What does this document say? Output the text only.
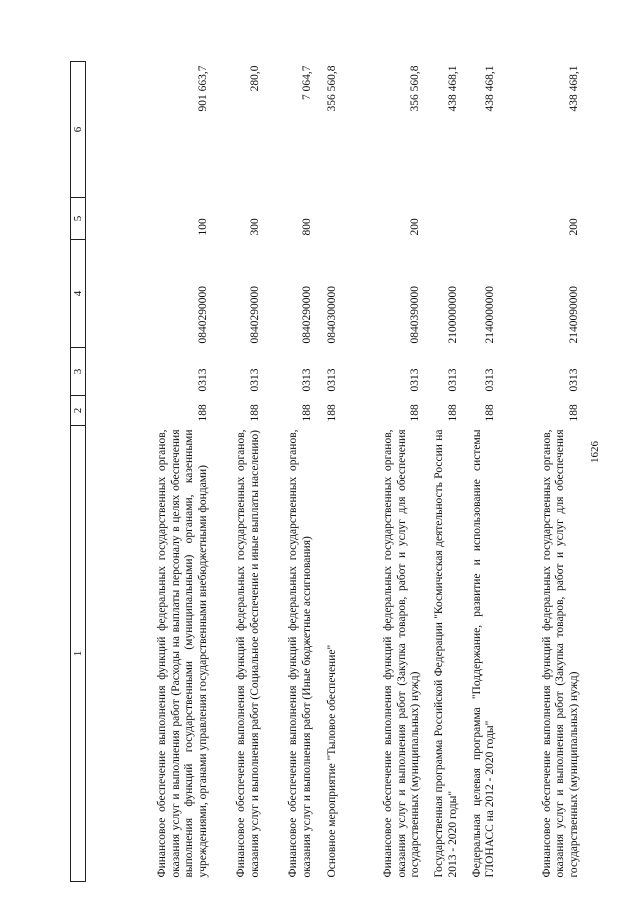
1626
1	2	3	4	5	6
Финансовое обеспечение выполнения функций федеральных государственных органов, оказания услуг и выполнения работ (Расходы на выплаты персоналу в целях обеспечения выполнения функций государственными (муниципальными) органами, казенными учреждениями, органами управления государственными внебюджетными фондами)	188	0313	0840290000	100	901 663,7
Финансовое обеспечение выполнения функций федеральных государственных органов, оказания услуг и выполнения работ (Социальное обеспечение и иные выплаты населению)	188	0313	0840290000	300	280,0
Финансовое обеспечение выполнения функций федеральных государственных органов, оказания услуг и выполнения работ (Иные бюджетные ассигнования)	188	0313	0840290000	800	7 064,7
Основное мероприятие "Тыловое обеспечение"	188	0313	0840300000		356 560,8
Финансовое обеспечение выполнения функций федеральных государственных органов, оказания услуг и выполнения работ (Закупка товаров, работ и услуг для обеспечения государственных (муниципальных) нужд)	188	0313	0840390000	200	356 560,8
Государственная программа Российской Федерации "Космическая деятельность России на 2013 - 2020 годы"	188	0313	2100000000		438 468,1
Федеральная целевая программа "Поддержание, развитие и использование системы ГЛОНАСС на 2012 - 2020 годы"	188	0313	2140000000		438 468,1
Финансовое обеспечение выполнения функций федеральных государственных органов, оказания услуг и выполнения работ (Закупка товаров, работ и услуг для обеспечения государственных (муниципальных) нужд)	188	0313	2140090000	200	438 468,1
